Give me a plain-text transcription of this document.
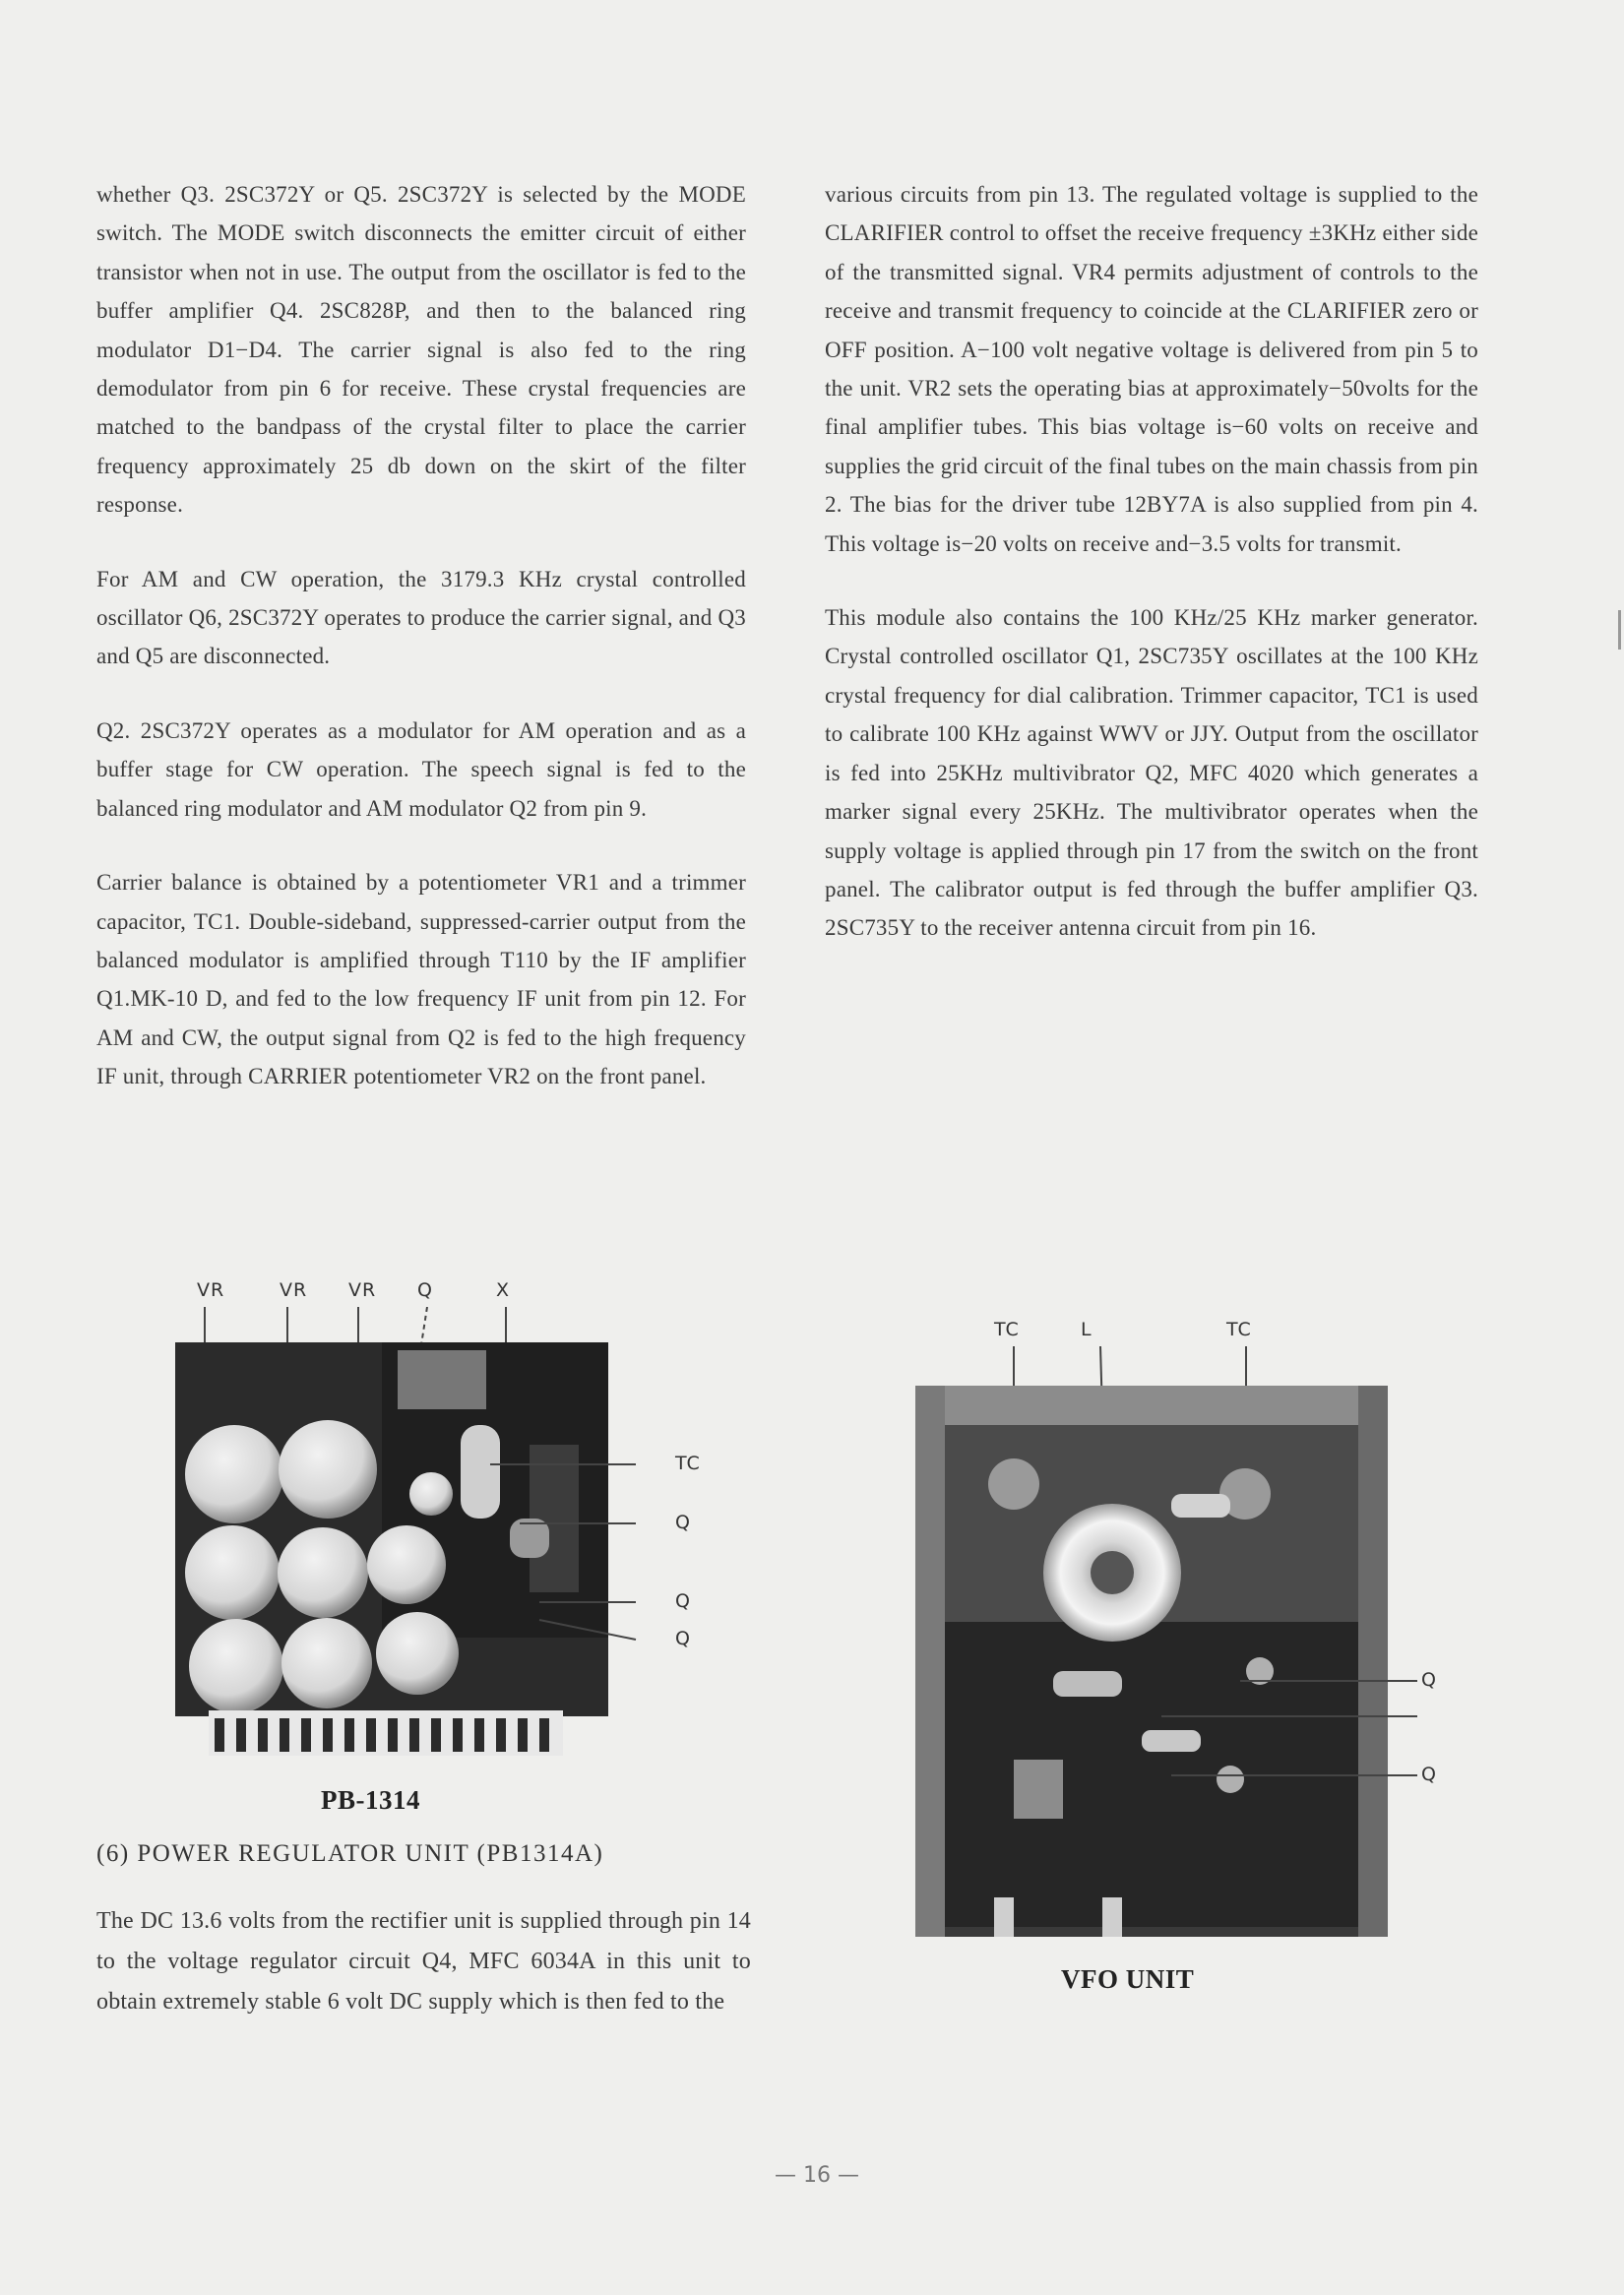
whether Q3. 2SC372Y or Q5. 2SC372Y is selected by the MODE switch. The MODE switch disconnects the emitter circuit of either transistor when not in use. The output from the oscillator is fed to the buffer amplifier Q4. 2SC828P, and then to the balanced ring modulator D1−D4. The carrier signal is also fed to the ring demodulator from pin 6 for receive. These crystal frequencies are matched to the bandpass of the crystal filter to place the carrier frequency approximately 25 db down on the skirt of the filter response.

For AM and CW operation, the 3179.3 KHz crystal controlled oscillator Q6, 2SC372Y operates to produce the carrier signal, and Q3 and Q5 are disconnected.

Q2. 2SC372Y operates as a modulator for AM operation and as a buffer stage for CW operation. The speech signal is fed to the balanced ring modulator and AM modulator Q2 from pin 9.

Carrier balance is obtained by a potentiometer VR1 and a trimmer capacitor, TC1. Double-sideband, suppressed-carrier output from the balanced modulator is amplified through T110 by the IF amplifier Q1.MK-10 D, and fed to the low frequency IF unit from pin 12. For AM and CW, the output signal from Q2 is fed to the high frequency IF unit, through CARRIER potentiometer VR2 on the front panel.

various circuits from pin 13. The regulated voltage is supplied to the CLARIFIER control to offset the receive frequency ±3KHz either side of the transmitted signal. VR4 permits adjustment of controls to the receive and transmit frequency to coincide at the CLARIFIER zero or OFF position. A−100 volt negative voltage is delivered from pin 5 to the unit. VR2 sets the operating bias at approximately−50volts for the final amplifier tubes. This bias voltage is−60 volts on receive and supplies the grid circuit of the final tubes on the main chassis from pin 2. The bias for the driver tube 12BY7A is also supplied from pin 4. This voltage is−20 volts on receive and−3.5 volts for transmit.

This module also contains the 100 KHz/25 KHz marker generator. Crystal controlled oscillator Q1, 2SC735Y oscillates at the 100 KHz crystal frequency for dial calibration. Trimmer capacitor, TC1 is used to calibrate 100 KHz against WWV or JJY. Output from the oscillator is fed into 25KHz multivibrator Q2, MFC 4020 which generates a marker signal every 25KHz. The multivibrator operates when the supply voltage is applied through pin 17 from the switch on the front panel. The calibrator output is fed through the buffer amplifier Q3. 2SC735Y to the receiver antenna circuit from pin 16.

VR	VR VR Q	X
TC
Q
Q
Q
PB-1314
(6) POWER REGULATOR UNIT (PB1314A)

The DC 13.6 volts from the rectifier unit is supplied through pin 14 to the voltage regulator circuit Q4, MFC 6034A in this unit to obtain extremely stable 6 volt DC supply which is then fed to the

TC	L	TC
Q
Q
VFO UNIT
— 16 —
